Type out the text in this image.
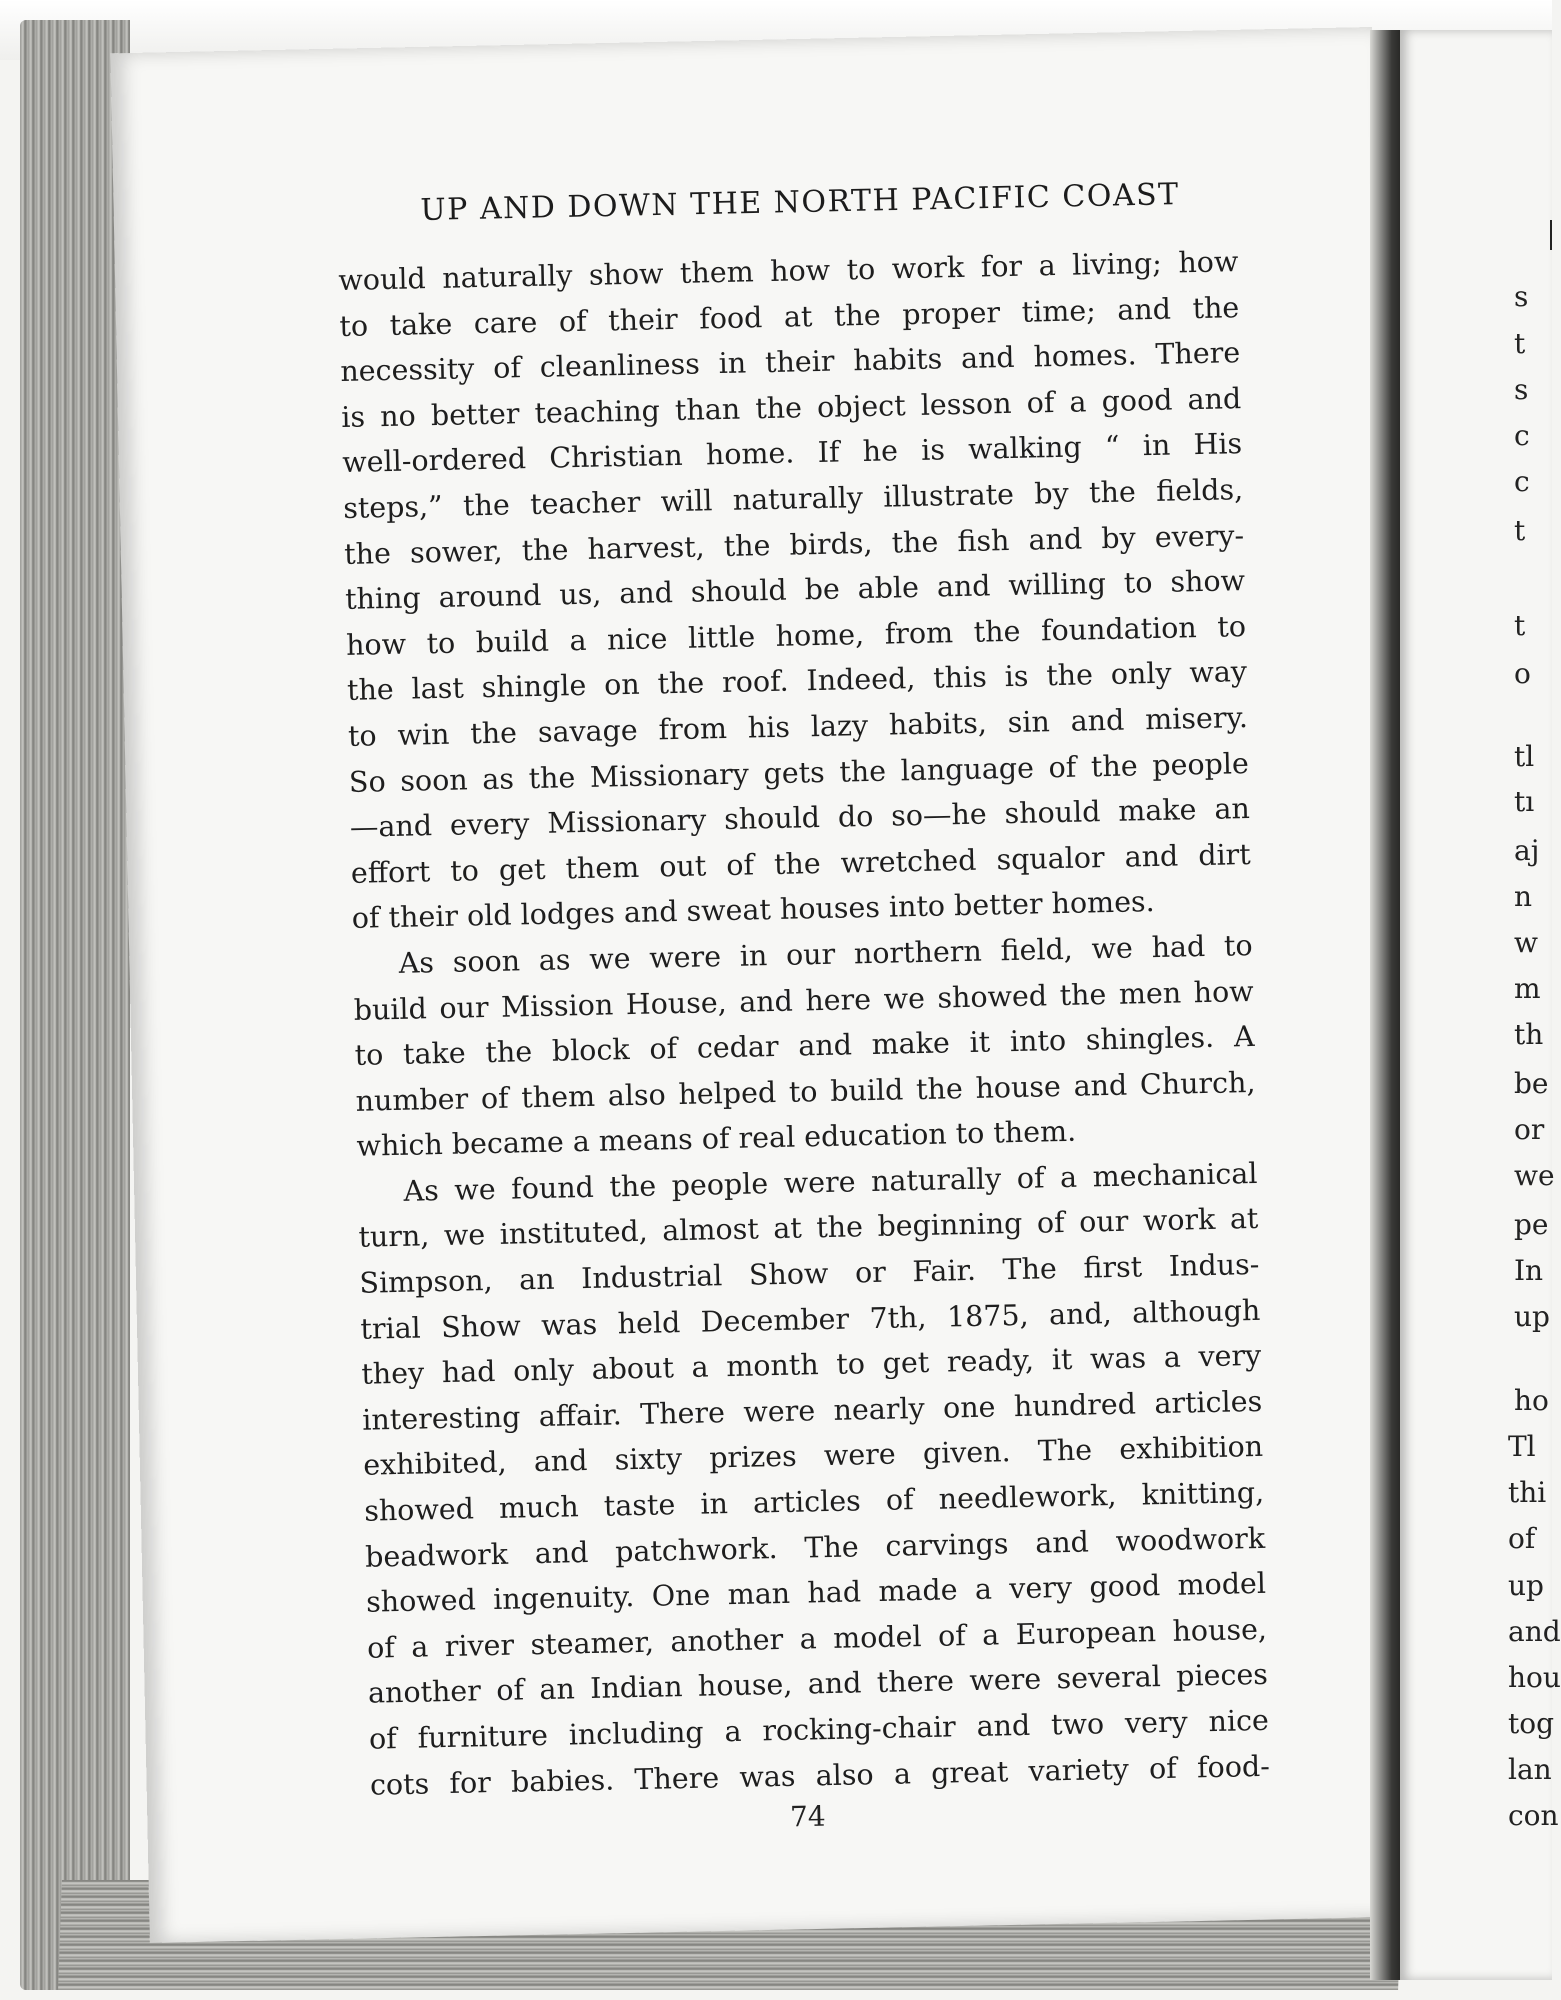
s
t
s
c
c
t
t
o
tl
tı
aj
n
w
m
th
be
or
we
pe
In
up
ho
Tl
thi
of
up
and
hou
tog
lan
con
UP AND DOWN THE NORTH PACIFIC COAST
would naturally show them how to work for a living; how
to take care of their food at the proper time; and the
necessity of cleanliness in their habits and homes. There
is no better teaching than the object lesson of a good and
well-ordered Christian home. If he is walking “ in His
steps,” the teacher will naturally illustrate by the fields,
the sower, the harvest, the birds, the fish and by every-
thing around us, and should be able and willing to show
how to build a nice little home, from the foundation to
the last shingle on the roof. Indeed, this is the only way
to win the savage from his lazy habits, sin and misery.
So soon as the Missionary gets the language of the people
—and every Missionary should do so—he should make an
effort to get them out of the wretched squalor and dirt
of their old lodges and sweat houses into better homes.
As soon as we were in our northern field, we had to
build our Mission House, and here we showed the men how
to take the block of cedar and make it into shingles. A
number of them also helped to build the house and Church,
which became a means of real education to them.
As we found the people were naturally of a mechanical
turn, we instituted, almost at the beginning of our work at
Simpson, an Industrial Show or Fair. The first Indus-
trial Show was held December 7th, 1875, and, although
they had only about a month to get ready, it was a very
interesting affair. There were nearly one hundred articles
exhibited, and sixty prizes were given. The exhibition
showed much taste in articles of needlework, knitting,
beadwork and patchwork. The carvings and woodwork
showed ingenuity. One man had made a very good model
of a river steamer, another a model of a European house,
another of an Indian house, and there were several pieces
of furniture including a rocking-chair and two very nice
cots for babies. There was also a great variety of food-
74
